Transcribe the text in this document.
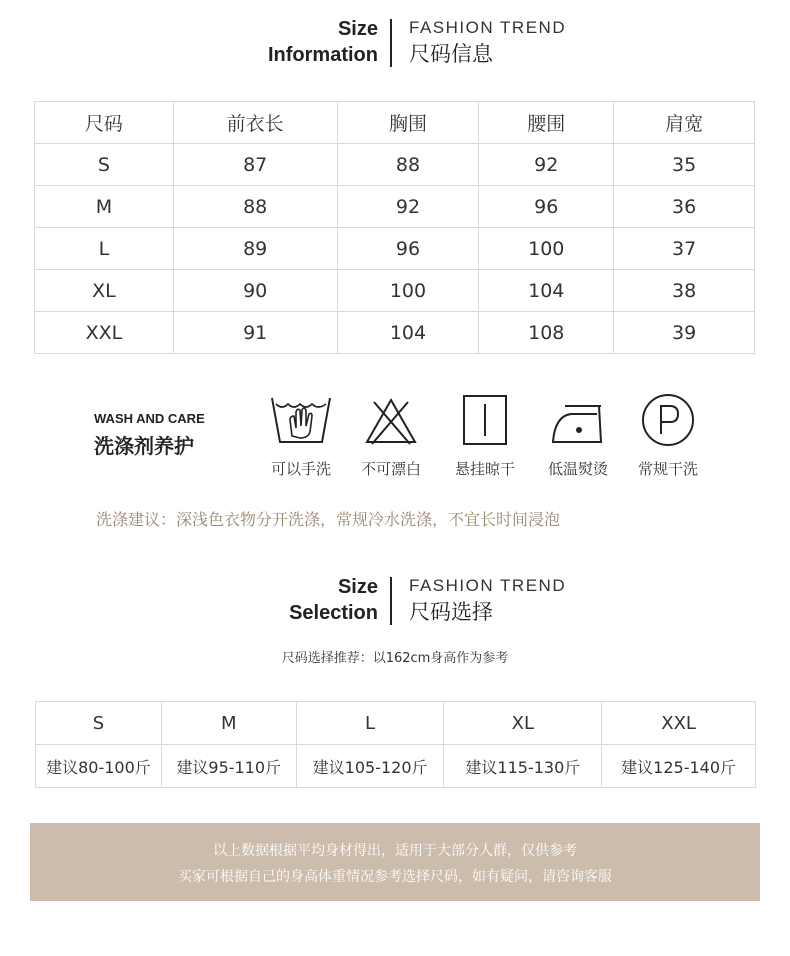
Size
Information
FASHION TREND
尺码信息
尺码	前衣长	胸围	腰围	肩宽
S	87	88	92	35
M	88	92	96	36
L	89	96	100	37
XL	90	100	104	38
XXL	91	104	108	39
WASH AND CARE
洗涤剂养护
可以手洗	不可漂白	悬挂晾干	低温熨烫	常规干洗
洗涤建议：深浅色衣物分开洗涤，常规冷水洗涤，不宜长时间浸泡
Size
Selection
FASHION TREND
尺码选择
尺码选择推荐：以162cm身高作为参考
S	M	L	XL	XXL
建议80-100斤	建议95-110斤	建议105-120斤	建议115-130斤	建议125-140斤
以上数据根据平均身材得出，适用于大部分人群，仅供参考
买家可根据自己的身高体重情况参考选择尺码，如有疑问，请咨询客服
